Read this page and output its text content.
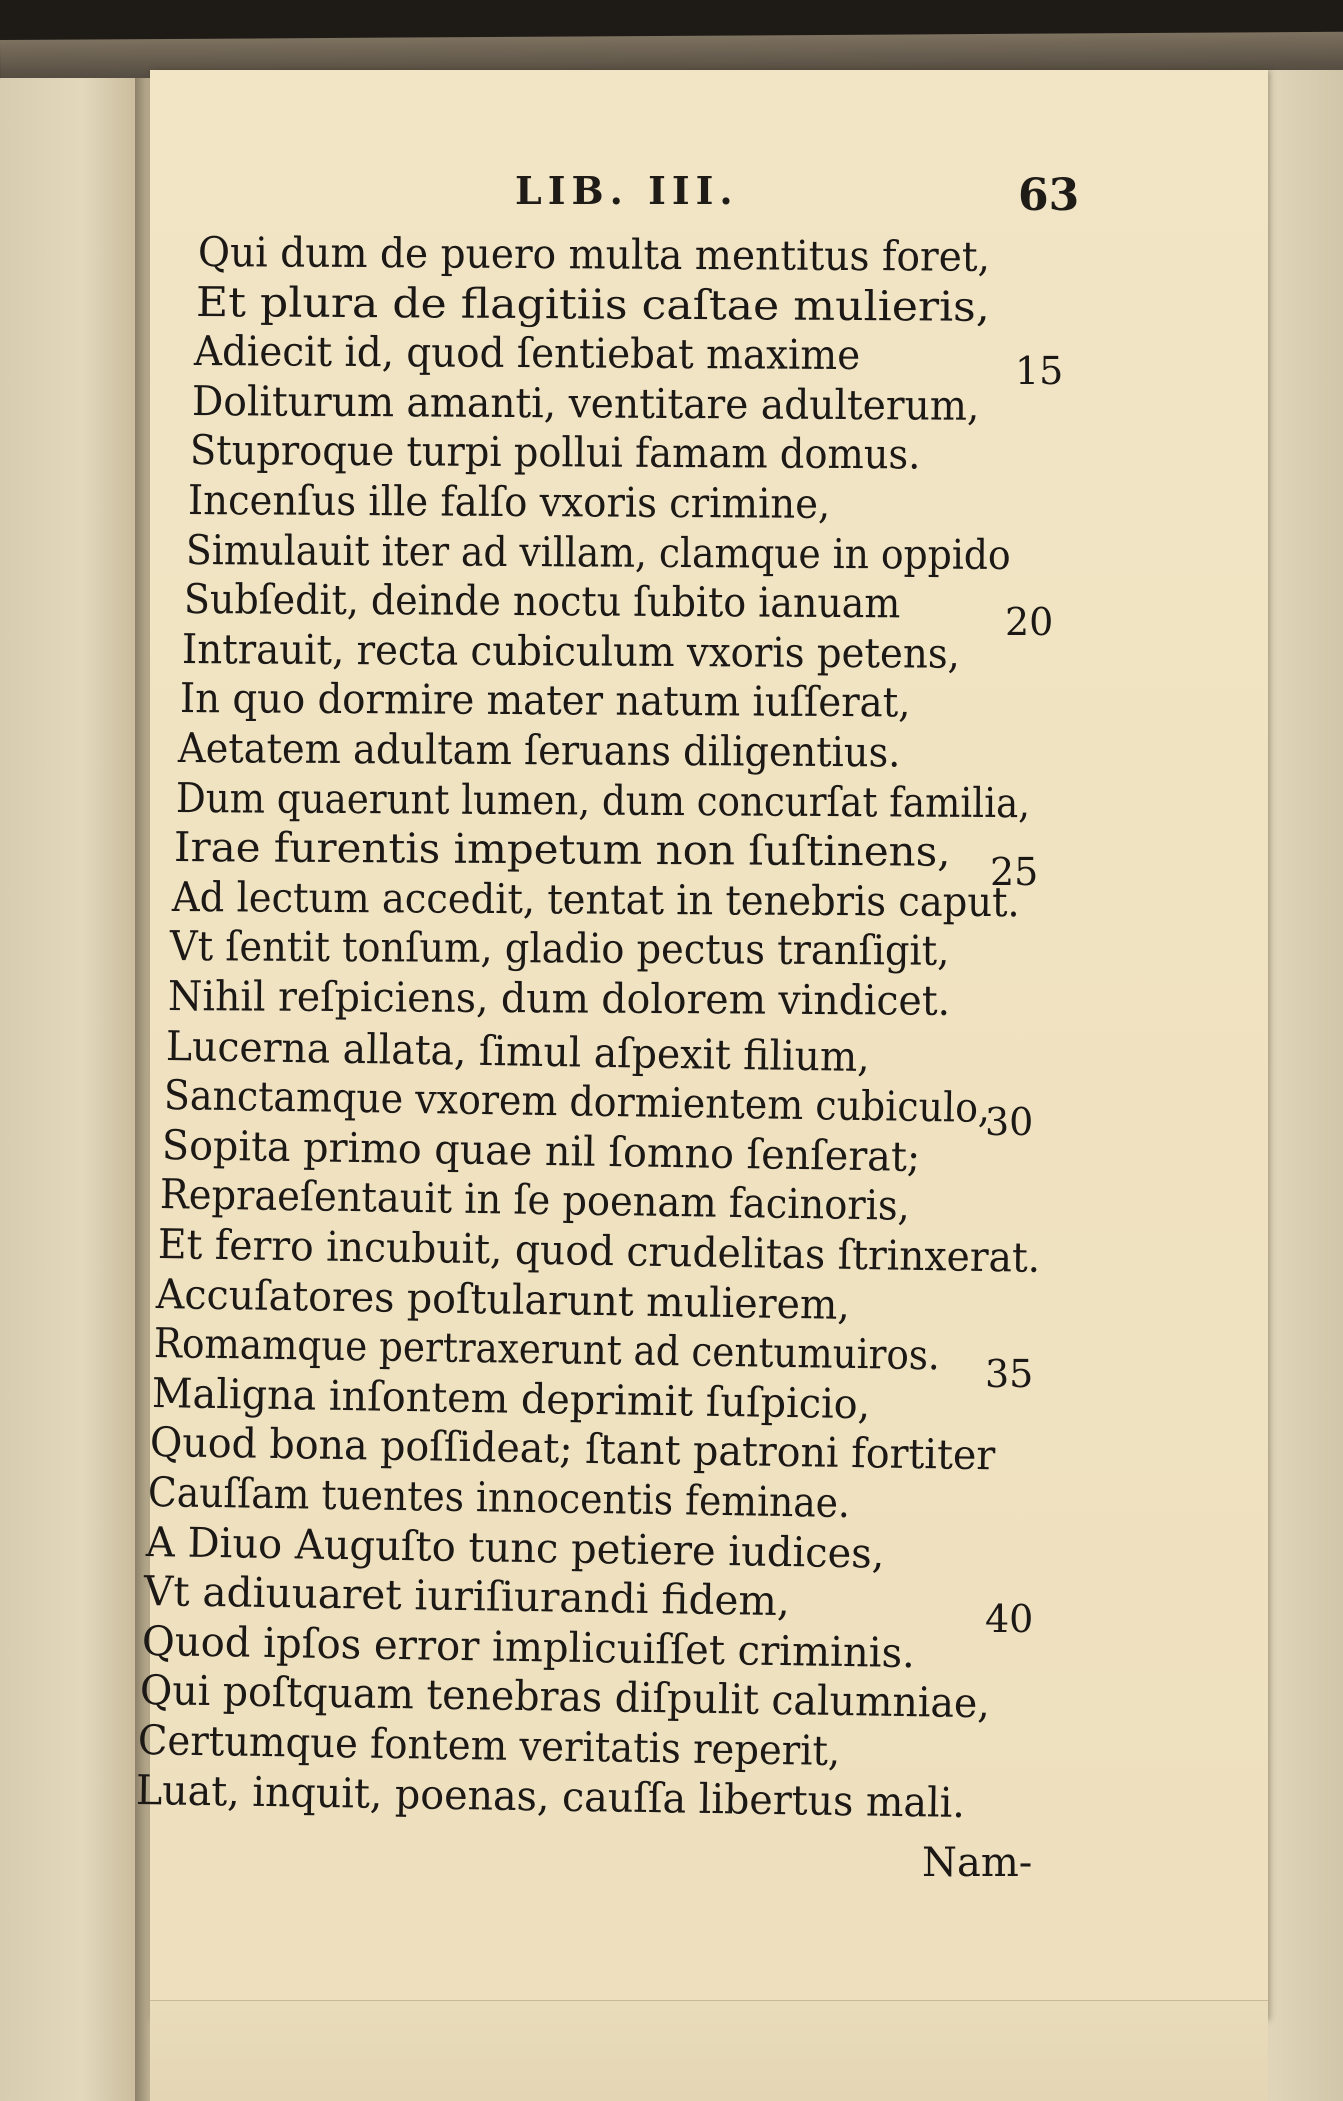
Qui dum de puero multa mentitus foret,
Et plura de flagitiis caſtae mulieris,
Adiecit id, quod ſentiebat maxime
Doliturum amanti, ventitare adulterum,
Stuproque turpi pollui famam domus.
Incenſus ille falſo vxoris crimine,
Simulauit iter ad villam, clamque in oppido
Subſedit, deinde noctu ſubito ianuam
Intrauit, recta cubiculum vxoris petens,
In quo dormire mater natum iuſſerat,
Aetatem adultam ſeruans diligentius.
Dum quaerunt lumen, dum concurſat familia,
Irae furentis impetum non ſuſtinens,
Ad lectum accedit, tentat in tenebris caput.
Vt ſentit tonſum, gladio pectus tranſigit,
Nihil reſpiciens, dum dolorem vindicet.
Lucerna allata, ſimul aſpexit filium,
Sanctamque vxorem dormientem cubiculo,
Sopita primo quae nil ſomno ſenſerat;
Repraeſentauit in ſe poenam facinoris,
Et ferro incubuit, quod crudelitas ſtrinxerat.
Accuſatores poſtularunt mulierem,
Romamque pertraxerunt ad centumuiros.
Maligna inſontem deprimit ſuſpicio,
Quod bona poſſideat; ſtant patroni fortiter
Cauſſam tuentes innocentis feminae.
A Diuo Auguſto tunc petiere iudices,
Vt adiuuaret iuriſiurandi fidem,
Quod ipſos error implicuiſſet criminis.
Qui poſtquam tenebras diſpulit calumniae,
Certumque fontem veritatis reperit,
Luat, inquit, poenas, cauſſa libertus mali.
15
20
25
30
35
40
LIB. III.	63
Nam-
